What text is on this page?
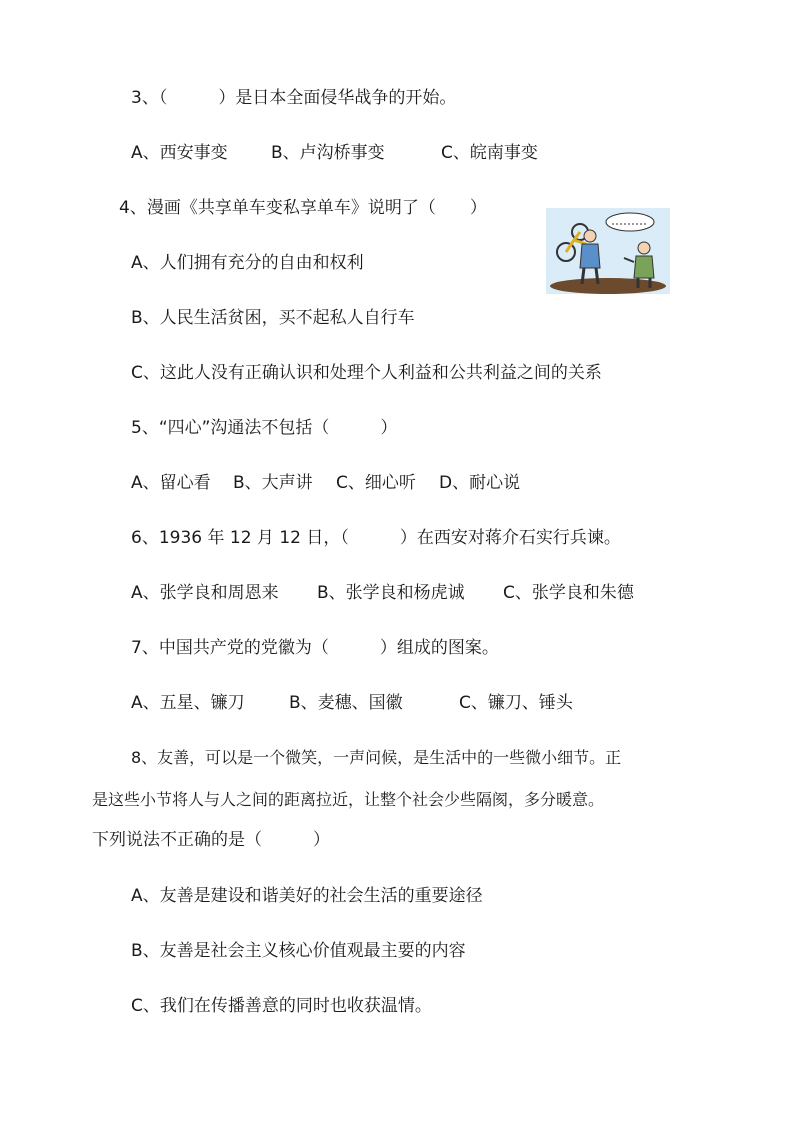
3、（　　　）是日本全面侵华战争的开始。
A、西安事变	B、卢沟桥事变	C、皖南事变
4、漫画《共享单车变私享单车》说明了（　　）
A、人们拥有充分的自由和权利
B、人民生活贫困，买不起私人自行车
C、这此人没有正确认识和处理个人利益和公共利益之间的关系
5、“四心”沟通法不包括（　　　）
A、留心看 B、大声讲 C、细心听 D、耐心说
6、1936 年 12 月 12 日，（　　　）在西安对蒋介石实行兵谏。
A、张学良和周恩来 B、张学良和杨虎诚 C、张学良和朱德
7、中国共产党的党徽为（　　　）组成的图案。
A、五星、镰刀	B、麦穗、国徽	C、镰刀、锤头
8、友善，可以是一个微笑，一声问候，是生活中的一些微小细节。正
是这些小节将人与人之间的距离拉近，让整个社会少些隔阂，多分暖意。
下列说法不正确的是（　　　）
A、友善是建设和谐美好的社会生活的重要途径
B、友善是社会主义核心价值观最主要的内容
C、我们在传播善意的同时也收获温情。
